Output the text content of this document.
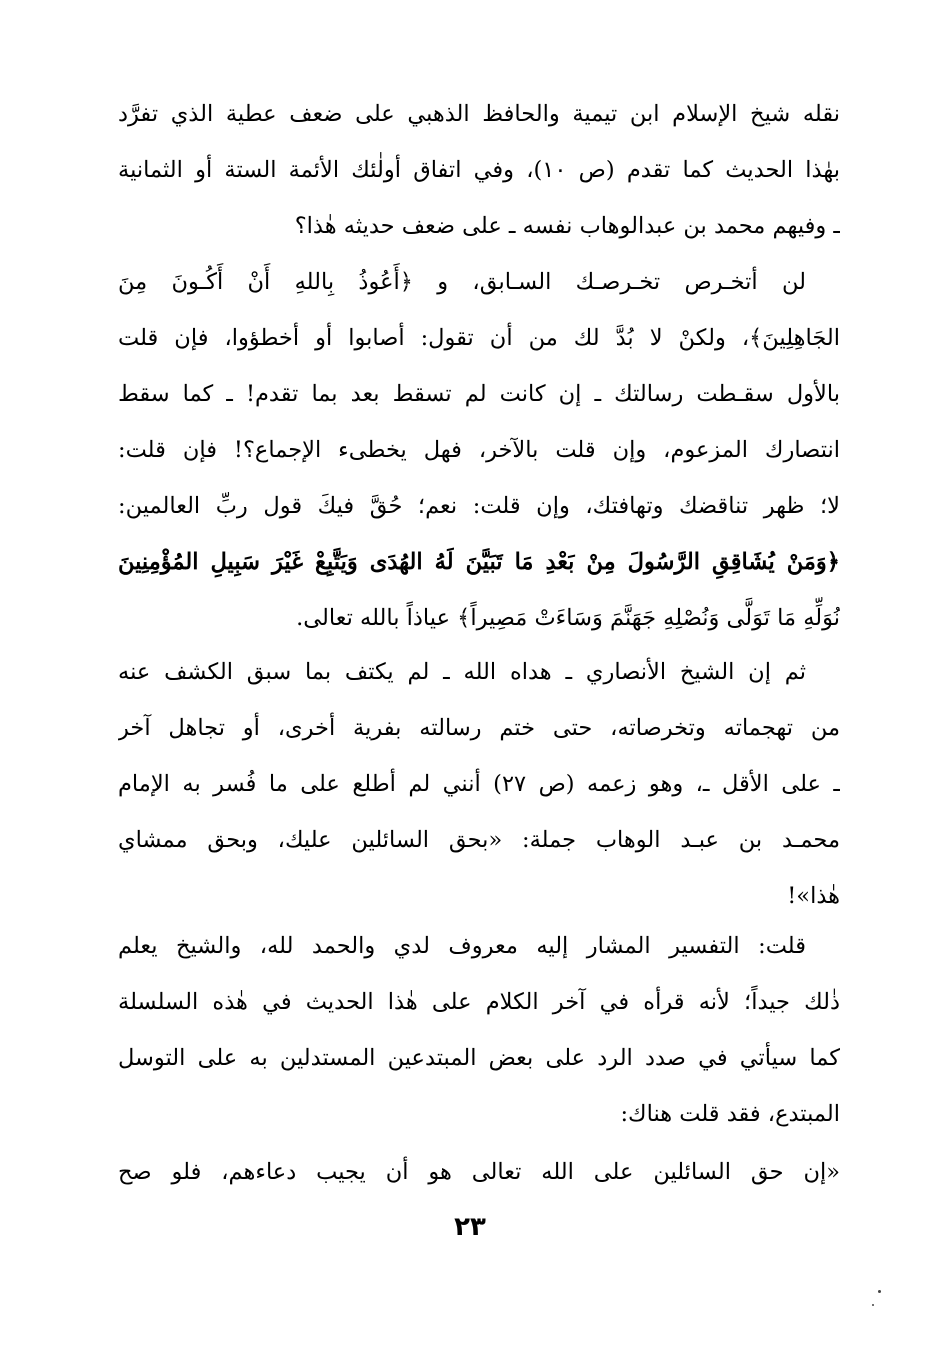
نقله شيخ الإسلام ابن تيمية والحافظ الذهبي على ضعف عطية الذي تفرَّد
بهٰذا الحديث كما تقدم (ص ١٠)، وفي اتفاق أولٰئك الأئمة الستة أو الثمانية
ـ وفيهم محمد بن عبدالوهاب نفسه ـ على ضعف حديثه هٰذا؟
لن أتخـرص تخـرصـك السـابق، و ﴿أَعُوذُ بِاللهِ أَنْ أَكُـونَ مِنَ
الجَاهِلِينَ﴾، ولكنْ لا بُدَّ لك من أن تقول: أصابوا أو أخطؤوا، فإن قلت
بالأول سقـطت رسالتك ـ إن كانت لم تسقط بعد بما تقدم! ـ كما سقط
انتصارك المزعوم، وإن قلت بالآخر، فهل يخطىء الإجماع؟! فإن قلت:
لا؛ ظهر تناقضك وتهافتك، وإن قلت: نعم؛ حُقَّ فيكَ قول ربِّ العالمين:
﴿وَمَنْ يُشَاقِقِ الرَّسُولَ مِنْ بَعْدِ مَا تَبَيَّنَ لَهُ الهُدَى وَيَتَّبِعْ غَيْرَ سَبِيلِ المُؤْمِنِينَ
نُوَلِّهِ مَا تَوَلَّى وَنُصْلِهِ جَهَنَّمَ وَسَاءَتْ مَصِيراً﴾ عياذاً بالله تعالى.
ثم إن الشيخ الأنصاري ـ هداه الله ـ لم يكتف بما سبق الكشف عنه
من تهجماته وتخرصاته، حتى ختم رسالته بفرية أخرى، أو تجاهل آخر
ـ على الأقل ـ، وهو زعمه (ص ٢٧) أنني لم أطلع على ما فُسر به الإمام
محمـد بن عبـد الوهاب جملة: «بحق السائلين عليك، وبحق ممشاي
هٰذا»!
قلت: التفسير المشار إليه معروف لدي والحمد لله، والشيخ يعلم
ذٰلك جيداً؛ لأنه قرأه في آخر الكلام على هٰذا الحديث في هٰذه السلسلة
كما سيأتي في صدد الرد على بعض المبتدعين المستدلين به على التوسل
المبتدع، فقد قلت هناك:
«إن حق السائلين على الله تعالى هو أن يجيب دعاءهم، فلو صح
٢٣
